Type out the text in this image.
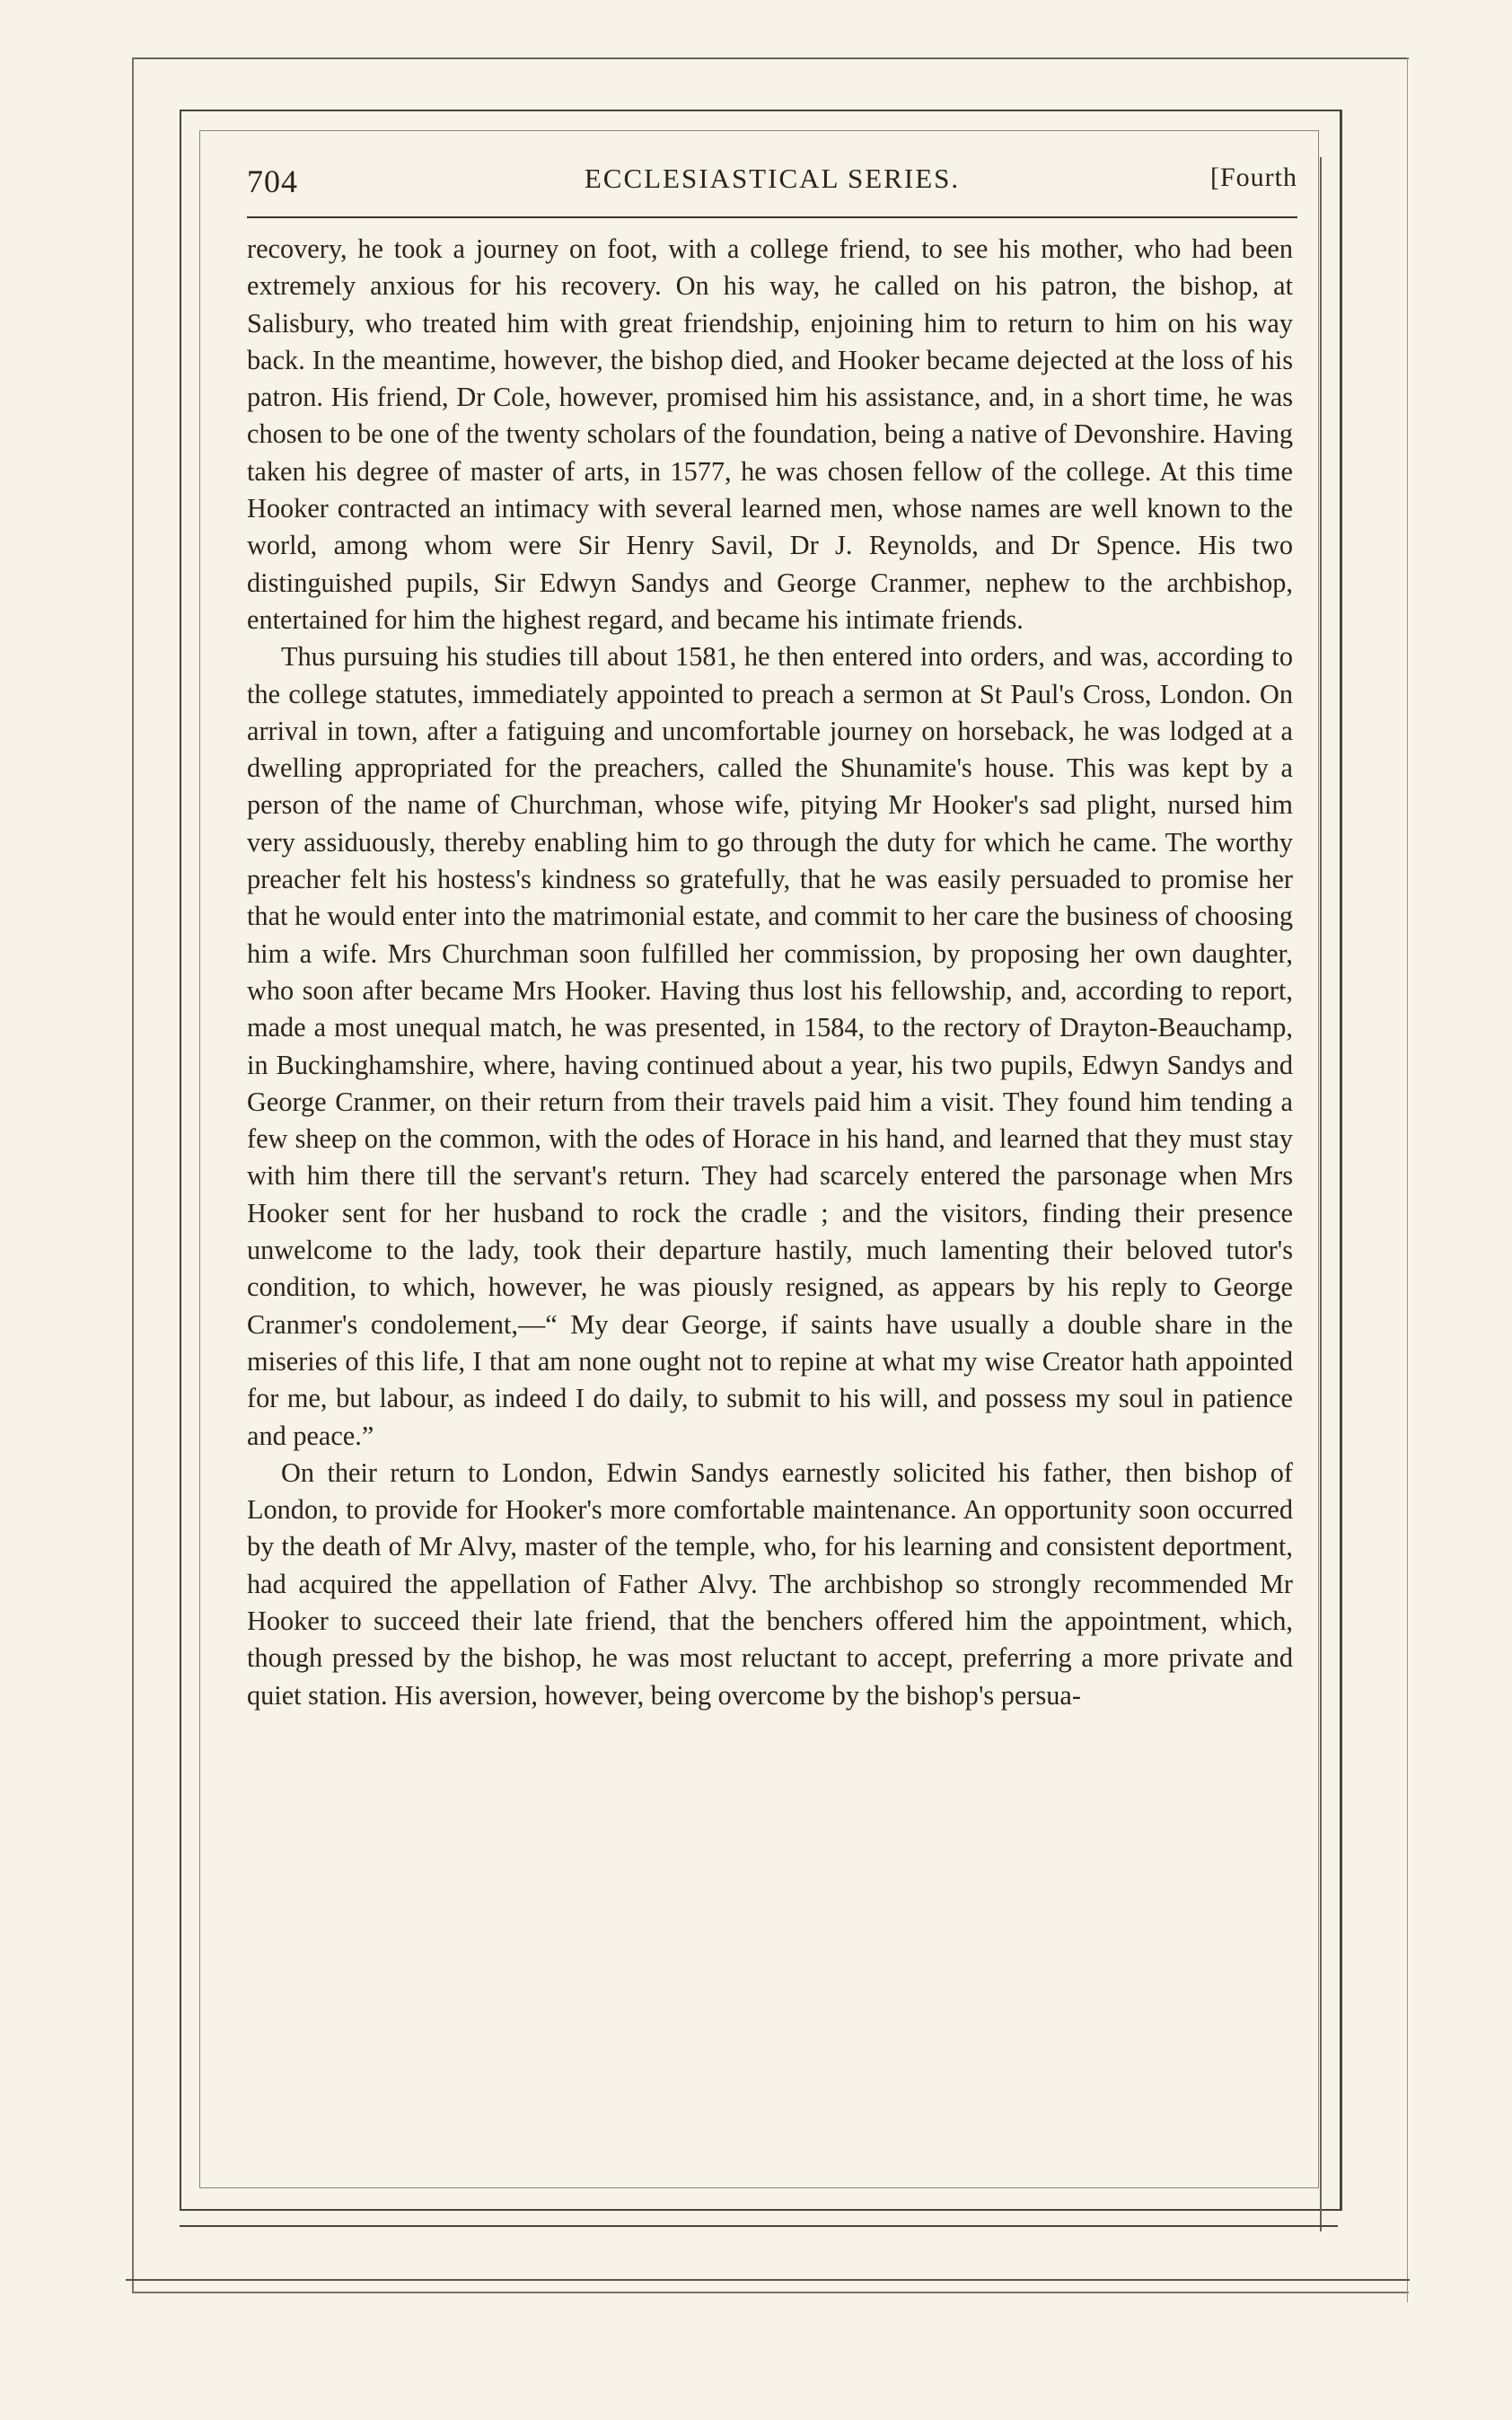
704	ECCLESIASTICAL SERIES.	[Fourth

recovery, he took a journey on foot, with a college friend, to see his mother, who had been extremely anxious for his recovery. On his way, he called on his patron, the bishop, at Salisbury, who treated him with great friendship, enjoining him to return to him on his way back. In the meantime, however, the bishop died, and Hooker became dejected at the loss of his patron. His friend, Dr Cole, however, promised him his assistance, and, in a short time, he was chosen to be one of the twenty scholars of the foundation, being a native of Devonshire. Having taken his degree of master of arts, in 1577, he was chosen fellow of the college. At this time Hooker contracted an intimacy with several learned men, whose names are well known to the world, among whom were Sir Henry Savil, Dr J. Reynolds, and Dr Spence. His two distinguished pupils, Sir Edwyn Sandys and George Cranmer, nephew to the archbishop, entertained for him the highest regard, and became his intimate friends.

Thus pursuing his studies till about 1581, he then entered into orders, and was, according to the college statutes, immediately appointed to preach a sermon at St Paul's Cross, London. On arrival in town, after a fatiguing and uncomfortable journey on horseback, he was lodged at a dwelling appropriated for the preachers, called the Shunamite's house. This was kept by a person of the name of Churchman, whose wife, pitying Mr Hooker's sad plight, nursed him very assiduously, thereby enabling him to go through the duty for which he came. The worthy preacher felt his hostess's kindness so gratefully, that he was easily persuaded to promise her that he would enter into the matrimonial estate, and commit to her care the business of choosing him a wife. Mrs Churchman soon fulfilled her commission, by proposing her own daughter, who soon after became Mrs Hooker. Having thus lost his fellowship, and, according to report, made a most unequal match, he was presented, in 1584, to the rectory of Drayton-Beauchamp, in Buckinghamshire, where, having continued about a year, his two pupils, Edwyn Sandys and George Cranmer, on their return from their travels paid him a visit. They found him tending a few sheep on the common, with the odes of Horace in his hand, and learned that they must stay with him there till the servant's return. They had scarcely entered the parsonage when Mrs Hooker sent for her husband to rock the cradle ; and the visitors, finding their presence unwelcome to the lady, took their departure hastily, much lamenting their beloved tutor's condition, to which, however, he was piously resigned, as appears by his reply to George Cranmer's condolement,—“ My dear George, if saints have usually a double share in the miseries of this life, I that am none ought not to repine at what my wise Creator hath appointed for me, but labour, as indeed I do daily, to submit to his will, and possess my soul in patience and peace.”

On their return to London, Edwin Sandys earnestly solicited his father, then bishop of London, to provide for Hooker's more comfortable maintenance. An opportunity soon occurred by the death of Mr Alvy, master of the temple, who, for his learning and consistent deportment, had acquired the appellation of Father Alvy. The archbishop so strongly recommended Mr Hooker to succeed their late friend, that the benchers offered him the appointment, which, though pressed by the bishop, he was most reluctant to accept, preferring a more private and quiet station. His aversion, however, being overcome by the bishop's persua-
